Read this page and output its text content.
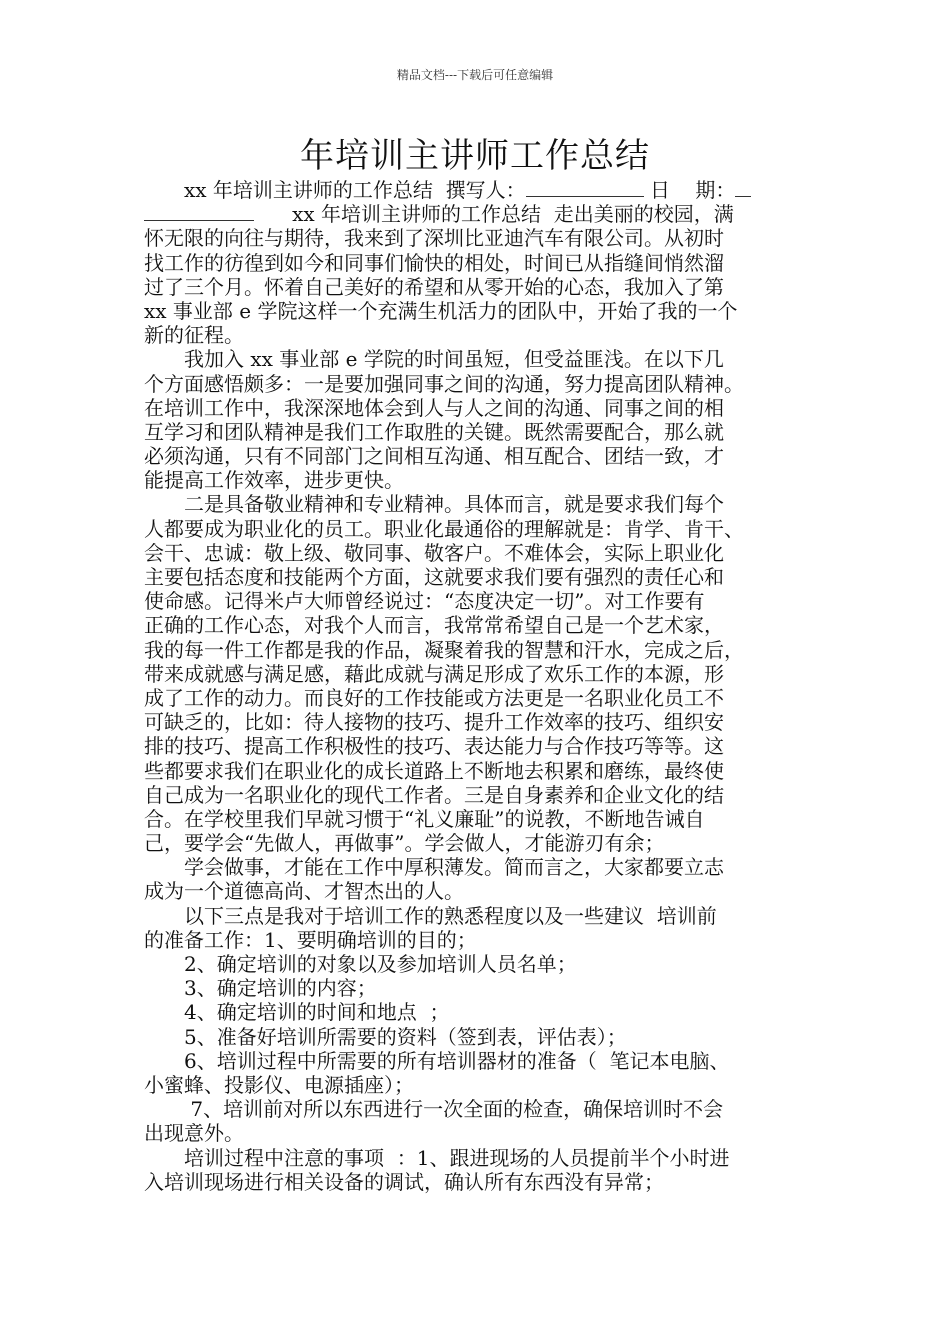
精品文档---下载后可任意编辑
年培训主讲师工作总结
　　xx 年培训主讲师的工作总结  撰写人：	日    期：
xx 年培训主讲师的工作总结  走出美丽的校园，满
怀无限的向往与期待，我来到了深圳比亚迪汽车有限公司。从初时
找工作的彷徨到如今和同事们愉快的相处，时间已从指缝间悄然溜
过了三个月。怀着自己美好的希望和从零开始的心态，我加入了第
xx 事业部 e 学院这样一个充满生机活力的团队中，开始了我的一个
新的征程。
　　我加入 xx 事业部 e 学院的时间虽短，但受益匪浅。在以下几
个方面感悟颇多：一是要加强同事之间的沟通，努力提高团队精神。
在培训工作中，我深深地体会到人与人之间的沟通、同事之间的相
互学习和团队精神是我们工作取胜的关键。既然需要配合，那么就
必须沟通，只有不同部门之间相互沟通、相互配合、团结一致，才
能提高工作效率，进步更快。
　　二是具备敬业精神和专业精神。具体而言，就是要求我们每个
人都要成为职业化的员工。职业化最通俗的理解就是：肯学、肯干、
会干、忠诚：敬上级、敬同事、敬客户。不难体会，实际上职业化
主要包括态度和技能两个方面，这就要求我们要有强烈的责任心和
使命感。记得米卢大师曾经说过：“态度决定一切”。对工作要有
正确的工作心态，对我个人而言，我常常希望自己是一个艺术家，
我的每一件工作都是我的作品，凝聚着我的智慧和汗水，完成之后，
带来成就感与满足感，藉此成就与满足形成了欢乐工作的本源，形
成了工作的动力。而良好的工作技能或方法更是一名职业化员工不
可缺乏的，比如：待人接物的技巧、提升工作效率的技巧、组织安
排的技巧、提高工作积极性的技巧、表达能力与合作技巧等等。这
些都要求我们在职业化的成长道路上不断地去积累和磨练，最终使
自己成为一名职业化的现代工作者。三是自身素养和企业文化的结
合。在学校里我们早就习惯于“礼义廉耻”的说教，不断地告诫自
己，要学会“先做人，再做事”。学会做人，才能游刃有余；
　　学会做事，才能在工作中厚积薄发。简而言之，大家都要立志
成为一个道德高尚、才智杰出的人。
　　以下三点是我对于培训工作的熟悉程度以及一些建议  培训前
的准备工作：1、要明确培训的目的；
　　2、确定培训的对象以及参加培训人员名单；
　　3、确定培训的内容；
　　4、确定培训的时间和地点  ；
　　5、准备好培训所需要的资料（签到表，评估表）；
　　6、培训过程中所需要的所有培训器材的准备（  笔记本电脑、
小蜜蜂、投影仪、电源插座）；
　　 7、培训前对所以东西进行一次全面的检查，确保培训时不会
出现意外。
　　培训过程中注意的事项  ：1、跟进现场的人员提前半个小时进
入培训现场进行相关设备的调试，确认所有东西没有异常；
